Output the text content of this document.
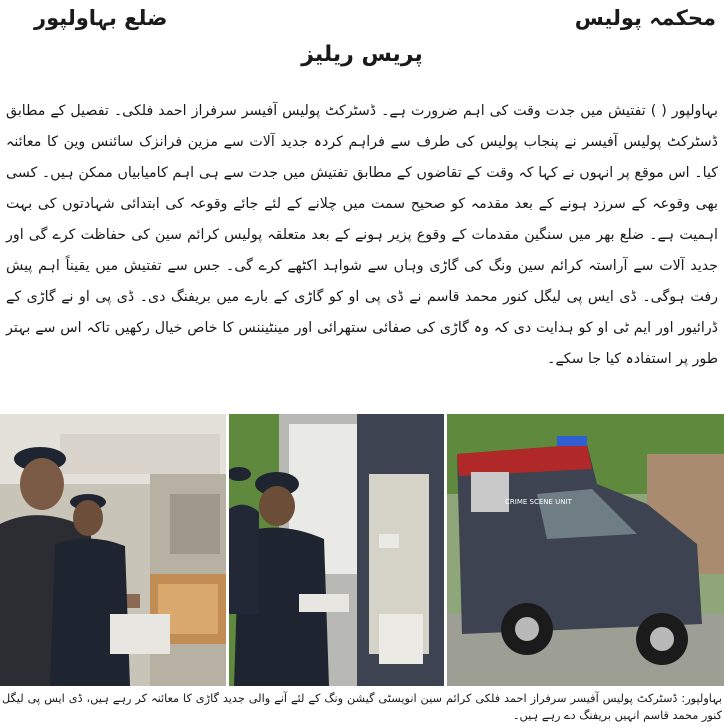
محکمہ پولیس
ضلع بہاولپور
پریس ریلیز

بہاولپور ( ) تفتیش میں جدت وقت کی اہم ضرورت ہے۔ ڈسٹرکٹ پولیس آفیسر سرفراز احمد فلکی۔ تفصیل کے مطابق ڈسٹرکٹ پولیس آفیسر نے پنجاب پولیس کی طرف سے فراہم کردہ جدید آلات سے مزین فرانزک سائنس وین کا معائنہ کیا۔ اس موقع پر انہوں نے کہا کہ وقت کے تقاضوں کے مطابق تفتیش میں جدت سے ہی اہم کامیابیاں ممکن ہیں۔ کسی بھی وقوعہ کے سرزد ہونے کے بعد مقدمہ کو صحیح سمت میں چلانے کے لئے جائے وقوعہ کی ابتدائی شہادتوں کی بہت اہمیت ہے۔ ضلع بھر میں سنگین مقدمات کے وقوع پزیر ہونے کے بعد متعلقہ پولیس کرائم سین کی حفاظت کرے گی اور جدید آلات سے آراستہ کرائم سین ونگ کی گاڑی وہاں سے شواہد اکٹھے کرے گی۔ جس سے تفتیش میں یقیناً اہم پیش رفت ہوگی۔ ڈی ایس پی لیگل کنور محمد قاسم نے ڈی پی او کو گاڑی کے بارے میں بریفنگ دی۔ ڈی پی او نے گاڑی کے ڈرائیور اور ایم ٹی او کو ہدایت دی کہ وہ گاڑی کی صفائی ستھرائی اور مینٹیننس کا خاص خیال رکھیں تاکہ اس سے بہتر طور پر استفادہ کیا جا سکے۔

CRIME SCENE UNIT
بہاولپور: ڈسٹرکٹ پولیس آفیسر سرفراز احمد فلکی کرائم سین انویسٹی گیشن ونگ کے لئے آنے والی جدید گاڑی کا معائنہ کر رہے ہیں، ڈی ایس پی لیگل کنور محمد قاسم انہیں بریفنگ دے رہے ہیں۔
